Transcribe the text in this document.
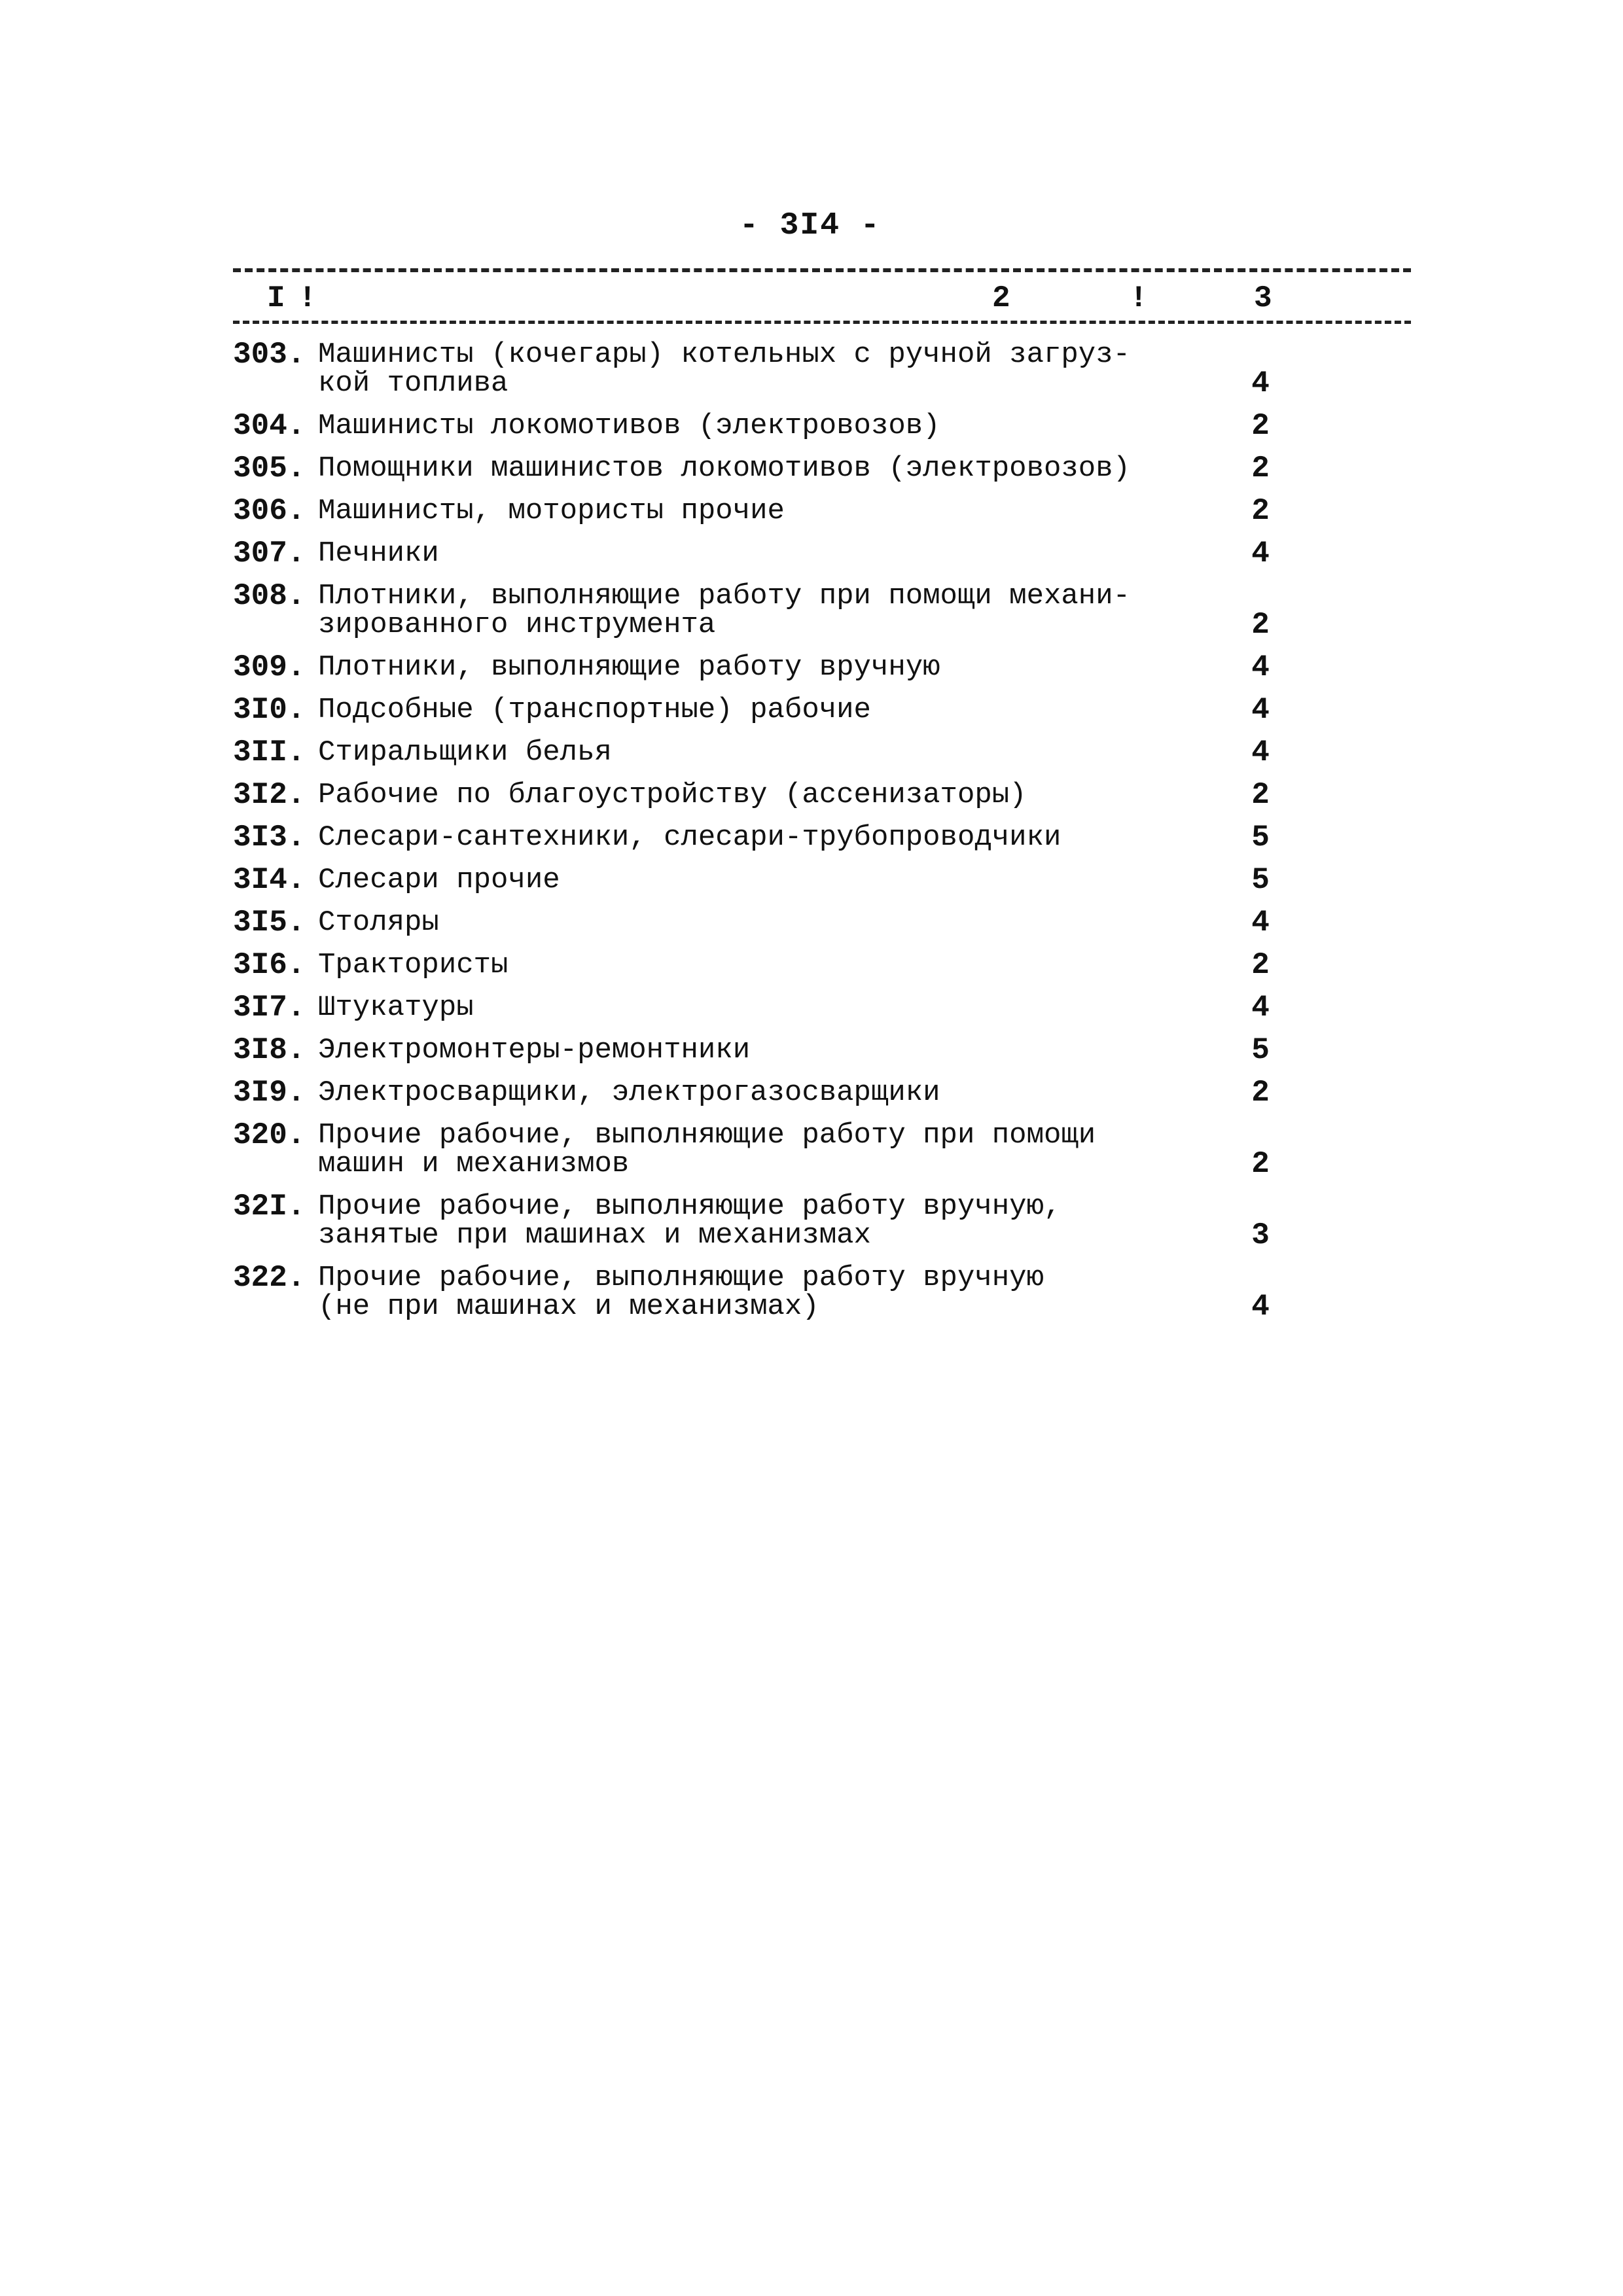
- 3I4 -
I !	2	!	3
303. Машинисты (кочегары) котельных с ручной загруз-
кой топлива	4
304. Машинисты локомотивов (электровозов)	2
305. Помощники машинистов локомотивов (электровозов)	2
306. Машинисты, мотористы прочие	2
307. Печники	4
308. Плотники, выполняющие работу при помощи механи-
зированного инструмента	2
309. Плотники, выполняющие работу вручную	4
3I0. Подсобные (транспортные) рабочие	4
3II. Стиральщики белья	4
3I2. Рабочие по благоустройству (ассенизаторы)	2
3I3. Слесари-сантехники, слесари-трубопроводчики	5
3I4. Слесари прочие	5
3I5. Столяры	4
3I6. Трактористы	2
3I7. Штукатуры	4
3I8. Электромонтеры-ремонтники	5
3I9. Электросварщики, электрогазосварщики	2
320. Прочие рабочие, выполняющие работу при помощи
машин и механизмов	2
32I. Прочие рабочие, выполняющие работу вручную,
занятые при машинах и механизмах	3
322. Прочие рабочие, выполняющие работу вручную
(не при машинах и механизмах)	4
